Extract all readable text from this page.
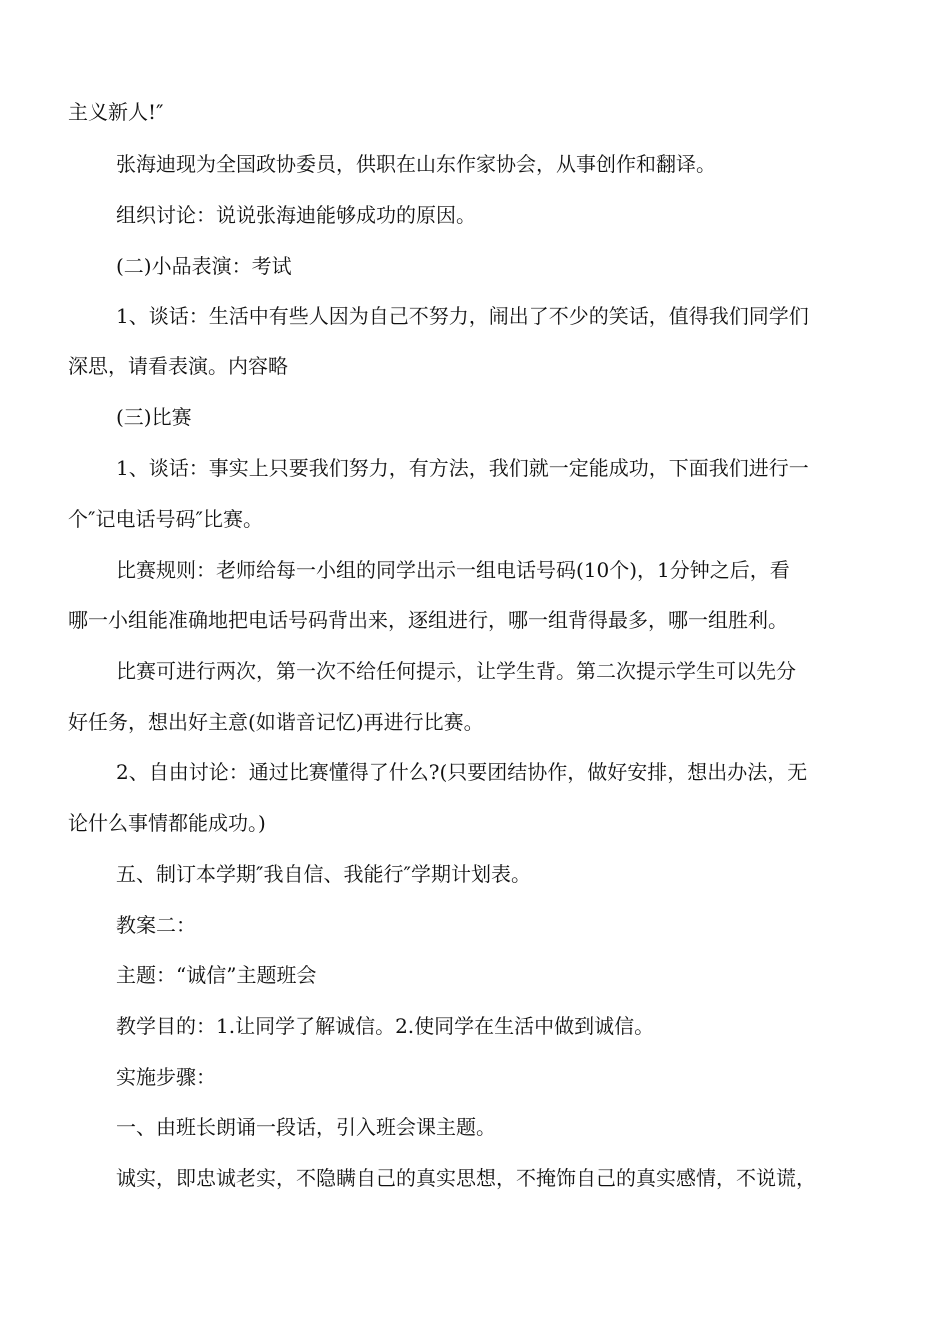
主义新人!″
张海迪现为全国政协委员，供职在山东作家协会，从事创作和翻译。
组织讨论：说说张海迪能够成功的原因。
(二)小品表演：考试
1、谈话：生活中有些人因为自己不努力，闹出了不少的笑话，值得我们同学们
深思，请看表演。内容略
(三)比赛
1、谈话：事实上只要我们努力，有方法，我们就一定能成功，下面我们进行一
个″记电话号码″比赛。
比赛规则：老师给每一小组的同学出示一组电话号码(10个)，1分钟之后，看
哪一小组能准确地把电话号码背出来，逐组进行，哪一组背得最多，哪一组胜利。
比赛可进行两次，第一次不给任何提示，让学生背。第二次提示学生可以先分
好任务，想出好主意(如谐音记忆)再进行比赛。
2、自由讨论：通过比赛懂得了什么?(只要团结协作，做好安排，想出办法，无
论什么事情都能成功。)
五、制订本学期″我自信、我能行″学期计划表。
教案二：
主题：“诚信”主题班会
教学目的：1.让同学了解诚信。2.使同学在生活中做到诚信。
实施步骤：
一、由班长朗诵一段话，引入班会课主题。
诚实，即忠诚老实，不隐瞒自己的真实思想，不掩饰自己的真实感情，不说谎，
